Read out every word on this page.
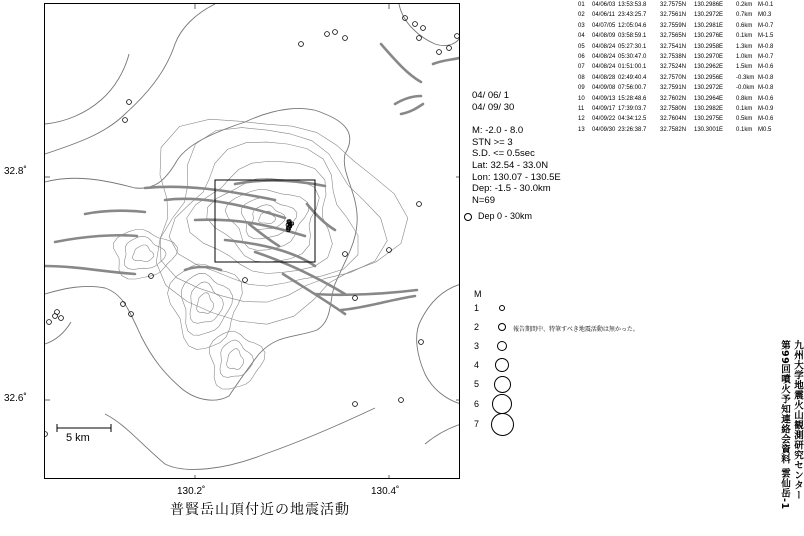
5 km
32.8˚
32.6˚
130.2˚	130.4˚
普賢岳山頂付近の地震活動
04/ 06/ 1
04/ 09/ 30
M: -2.0 - 8.0
STN >= 3
S.D. <= 0.5sec
Lat: 32.54 - 33.0N
Lon: 130.07 - 130.5E
Dep: -1.5 - 30.0km
N=69
Dep 0 - 30km
M
1
2
3
4
5
6
7
報告期間中、特筆すべき地震活動は無かった。
01	04/06/03 13:53:53.8	32.7575N	130.2986E	0.2km M-0.1
02	04/06/11 23:43:25.7	32.7561N	130.2972E	0.7km M0.3
03	04/07/05 12:05:04.6	32.7559N	130.2981E	0.6km M-0.7
04	04/08/09 03:58:59.1	32.7565N	130.2976E	0.1km M-1.5
05	04/08/24 05:27:30.1	32.7541N	130.2958E	1.3km M-0.8
06	04/08/24 05:30:47.0	32.7538N	130.2970E	1.0km M-0.7
07	04/08/24 01:51:00.1	32.7524N	130.2962E	1.5km M-0.6
08	04/08/28 02:49:40.4	32.7570N	130.2956E	-0.3km M-0.8
09	04/09/08 07:56:00.7	32.7591N	130.2972E	-0.0km M-0.8
10	04/09/13 15:28:48.6	32.7602N	130.2964E	0.8km M-0.6
11	04/09/17 17:39:03.7	32.7580N	130.2982E	0.1km M-0.9
12	04/09/22 04:34:12.5	32.7604N	130.2975E	0.5km M-0.6
13	04/09/30 23:26:38.7	32.7582N	130.3001E	0.1km M0.5
九州大学地震火山観測研究センター
第99回噴火予知連絡会資料 雲仙岳-1
